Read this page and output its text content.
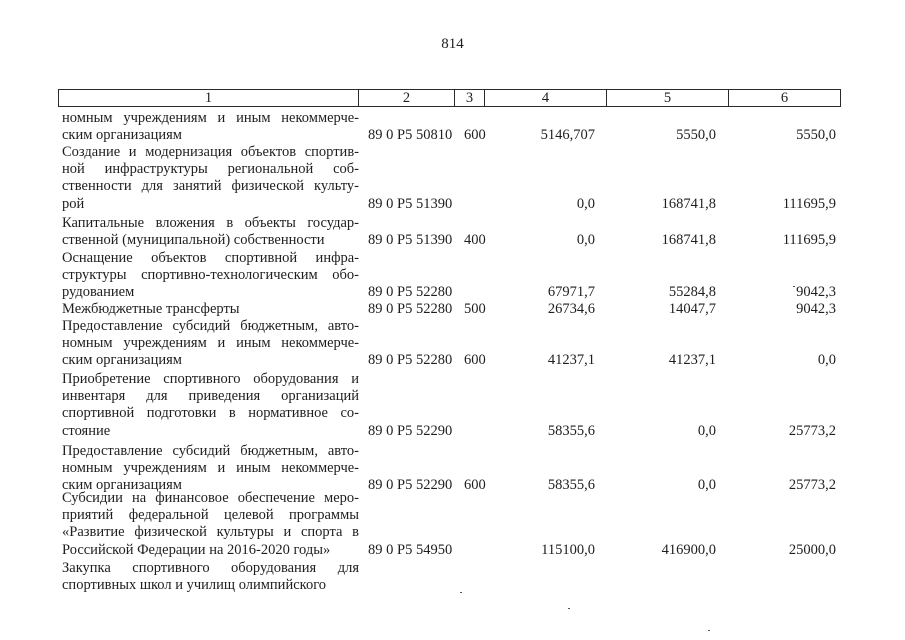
814
1	2	3	4	5	6
номным учреждениям и иным некоммерче-
ским организациям	89 0 P5 50810 600	5146,707	5550,0	5550,0
Создание и модернизация объектов спортив-
ной инфраструктуры региональной соб-
ственности для занятий физической культу-
рой	89 0 P5 51390	0,0	168741,8	111695,9
Капитальные вложения в объекты государ-
ственной (муниципальной) собственности	89 0 P5 51390 400	0,0	168741,8	111695,9
Оснащение объектов спортивной инфра-
структуры спортивно-технологическим обо-
рудованием	89 0 P5 52280	67971,7	55284,8	9042,3
Межбюджетные трансферты	89 0 P5 52280 500	26734,6	14047,7	9042,3
Предоставление субсидий бюджетным, авто-
номным учреждениям и иным некоммерче-
ским организациям	89 0 P5 52280 600	41237,1	41237,1	0,0
Приобретение спортивного оборудования и
инвентаря для приведения организаций
спортивной подготовки в нормативное со-
стояние	89 0 P5 52290	58355,6	0,0	25773,2
Предоставление субсидий бюджетным, авто-
номным учреждениям и иным некоммерче-
ским организациям	89 0 P5 52290 600	58355,6	0,0	25773,2
Субсидии на финансовое обеспечение меро-
приятий федеральной целевой программы
«Развитие физической культуры и спорта в
Российской Федерации на 2016-2020 годы»	89 0 P5 54950	115100,0	416900,0	25000,0
Закупка спортивного оборудования для
спортивных школ и училищ олимпийского
